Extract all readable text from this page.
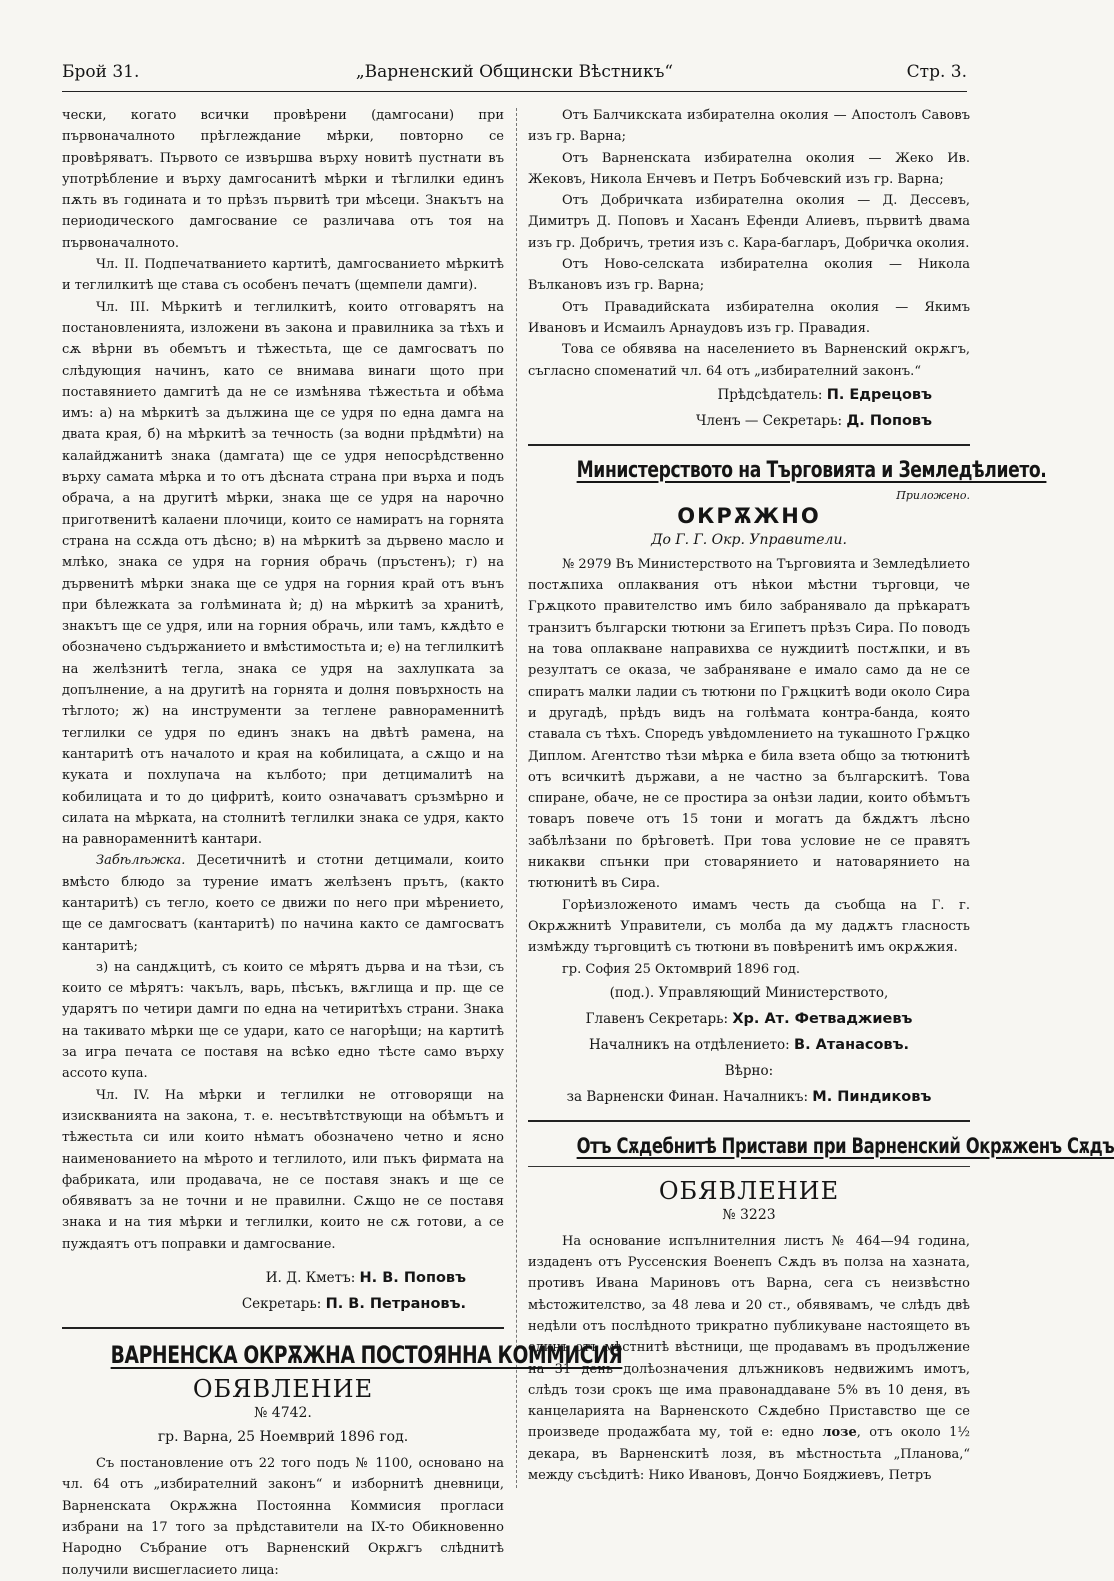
Брой 31.	„Варненский Общински Вѣстникъ“	Стр. 3.

чески, когато всички провѣрени (дамгосани) при първоначалното прѣглеждание мѣрки, повторно се провѣряватъ. Първото се извършва върху новитѣ пустнати въ употрѣбление и върху дамгосанитѣ мѣрки и тѣглилки единъ пѫть въ годината и то прѣзъ първитѣ три мѣсеци. Знакътъ на периодического дамгосвание се различава отъ тоя на първоначалното.

Чл. II. Подпечатванието картитѣ, дамгосванието мѣркитѣ и теглилкитѣ ще става съ особенъ печатъ (щемпели дамги).

Чл. III. Мѣркитѣ и теглилкитѣ, които отговарятъ на постановленията, изложени въ закона и правилника за тѣхъ и сѫ вѣрни въ обемътъ и тѣжестьта, ще се дамгосватъ по слѣдующия начинъ, като се внимава винаги щото при поставянието дамгитѣ да не се измѣнява тѣжестьта и обѣма имъ: а) на мѣркитѣ за дължина ще се удря по една дамга на двата края, б) на мѣркитѣ за течность (за водни прѣдмѣти) на калайджанитѣ знака (дамгата) ще се удря непосрѣдственно върху самата мѣрка и то отъ дѣсната страна при върха и подъ обрача, а на другитѣ мѣрки, знака ще се удря на нарочно приготвенитѣ калаени плочици, които се намиратъ на горнята страна на ссѫда отъ дѣсно; в) на мѣркитѣ за дървено масло и млѣко, знака се удря на горния обрачь (пръстенъ); г) на дървенитѣ мѣрки знака ще се удря на горния край отъ вънъ при бѣлежката за голѣмината ѝ; д) на мѣркитѣ за хранитѣ, знакътъ ще се удря, или на горния обрачь, или тамъ, кѫдѣто е обозначено съдържанието и вмѣстимостьта и; е) на теглилкитѣ на желѣзнитѣ тегла, знака се удря на захлупката за допълнение, а на другитѣ на горнята и долня повърхность на тѣглото; ж) на инструменти за теглене равнораменнитѣ теглилки се удря по единъ знакъ на двѣтѣ рамена, на кантаритѣ отъ началото и края на кобилицата, а сѫщо и на куката и похлупача на кълбото; при детцималитѣ на кобилицата и то до цифритѣ, които означаватъ сръзмѣрно и силата на мѣрката, на столнитѣ теглилки знака се удря, както на равнораменнитѣ кантари.

Забѣлѣжка. Десетичнитѣ и стотни детцимали, които вмѣсто блюдо за турение иматъ желѣзенъ прътъ, (както кантаритѣ) съ тегло, което се движи по него при мѣрението, ще се дамгосватъ (кантаритѣ) по начина както се дамгосватъ кантаритѣ;

з) на сандѫцитѣ, съ които се мѣрятъ дърва и на тѣзи, съ които се мѣрятъ: чакълъ, варь, пѣсъкъ, вѫглища и пр. ще се ударятъ по четири дамги по една на четиритѣхъ страни. Знака на такивато мѣрки ще се удари, като се нагорѣщи; на картитѣ за игра печата се поставя на всѣко едно тѣсте само върху ассото купа.

Чл. IV. На мѣрки и теглилки не отговорящи на изискванията на закона, т. е. несътвѣтствующи на обѣмътъ и тѣжестьта си или които нѣматъ обозначено четно и ясно наименованието на мѣрото и теглилото, или пъкъ фирмата на фабриката, или продавача, не се поставя знакъ и ще се обявяватъ за не точни и не правилни. Сѫщо не се поставя знака и на тия мѣрки и теглилки, които не сѫ готови, а се пуждаятъ отъ поправки и дамгосвание.

И. Д. Кметъ: Н. В. Поповъ

Секретарь: П. В. Петрановъ.

ВАРНЕНСКА ОКРѪЖНА ПОСТОЯННА КОММИСИЯ
ОБЯВЛЕНИЕ
№ 4742.
гр. Варна, 25 Ноемврий 1896 год.

Съ постановление отъ 22 того подъ № 1100, основано на чл. 64 отъ „избирателний законъ“ и изборнитѣ дневници, Варненската Окрѫжна Постоянна Коммисия прогласи избрани на 17 того за прѣдставители на IX-то Обикновенно Народно Събрание отъ Варненский Окрѫгъ слѣднитѣ получили висшегласието лица:

Отъ Балчикската избирателна околия — Апостолъ Савовъ изъ гр. Варна;

Отъ Варненската избирателна околия — Жеко Ив. Жековъ, Никола Енчевъ и Петръ Бобчевский изъ гр. Варна;

Отъ Добричката избирателна околия — Д. Дессевъ, Димитръ Д. Поповъ и Хасанъ Ефенди Алиевъ, първитѣ двама изъ гр. Добричъ, третия изъ с. Кара-багларъ, Добричка околия.

Отъ Ново-селската избирателна околия — Никола Вълкановъ изъ гр. Варна;

Отъ Правадийската избирателна околия — Якимъ Ивановъ и Исмаилъ Арнаудовъ изъ гр. Правадия.

Това се обявява на населението въ Варненский окрѫгъ, съгласно споменатий чл. 64 отъ „избирателний законъ.“

Прѣдсѣдатель: П. Едрецовъ

Членъ — Секретарь: Д. Поповъ

Министерството на Търговията и Земледѣлието.
Приложено.
ОКРѪЖНО
До Г. Г. Окр. Управители.

№ 2979 Въ Министерството на Търговията и Земледѣлието постѫпиха оплаквания отъ нѣкои мѣстни търговци, че Грѫцкото правителство имъ било забранявало да прѣкаратъ транзитъ български тютюни за Египетъ прѣзъ Сира. По поводъ на това оплакване направихва се нуждиитѣ постѫпки, и въ резултатъ се оказа, че забраняване е имало само да не се спиратъ малки ладии съ тютюни по Грѫцкитѣ води около Сира и другадѣ, прѣдъ видъ на голѣмата контра-банда, която ставала съ тѣхъ. Споредъ увѣдомлението на тукашното Грѫцко Диплом. Агентство тѣзи мѣрка е била взета общо за тютюнитѣ отъ всичкитѣ държави, а не частно за българскитѣ. Това спиране, обаче, не се простира за онѣзи ладии, които обѣмътъ товаръ повече отъ 15 тони и могатъ да бѫдѫтъ лѣсно забѣлѣзани по брѣговетѣ. При това условие не се правятъ никакви спънки при стоварянието и натоварянието на тютюнитѣ въ Сира.

Горѣизложеното имамъ честь да съобща на Г. г. Окрѫжнитѣ Управители, съ молба да му дадѫтъ гласность измѣжду търговцитѣ съ тютюни въ повѣренитѣ имъ окрѫжия.

гр. София 25 Октомврий 1896 год.

(под.). Управляющий Министерството,

Главенъ Секретарь: Хр. Ат. Фетваджиевъ

Началникъ на отдѣлението: В. Атанасовъ.

Вѣрно:

за Варненски Финан. Началникъ: М. Пиндиковъ

Отъ Сѫдебнитѣ Пристави при Варненский Окрѫженъ Сѫдъ
ОБЯВЛЕНИЕ
№ 3223

На основание испълнителния листъ № 464—94 година, издаденъ отъ Руссенския Военепъ Сѫдъ въ полза на хазната, противъ Ивана Мариновъ отъ Варна, сега съ неизвѣстно мѣстожителство, за 48 лева и 20 ст., обявявамъ, че слѣдъ двѣ недѣли отъ послѣдното трикратно публикуване настоящето въ единъ отъ мѣстнитѣ вѣстници, ще продавамъ въ продължение на 31 день долѣозначения длъжниковъ недвижимъ имотъ, слѣдъ този срокъ ще има правонаддаване 5% въ 10 деня, въ канцеларията на Варненското Сѫдебно Приставство ще се произведе продажбата му, той е: едно лозе, отъ около 1½ декара, въ Варненскитѣ лозя, въ мѣстностьта „Планова,“ между съсѣдитѣ: Нико Ивановъ, Дончо Бояджиевъ, Петръ
